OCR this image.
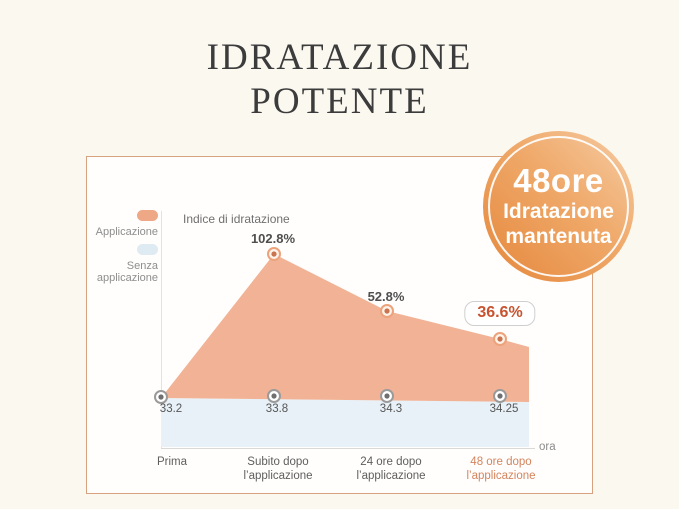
IDRATAZIONE
POTENTE
Applicazione
Senza
applicazione
Indice di idratazione
102.8%
52.8%
36.6%
33.2	33.8	34.3	34.25
Prima	Subito dopo
l’applicazione
24 ore dopo
l’applicazione
48 ore dopo
l’applicazione
ora
48ore
Idratazione
mantenuta
